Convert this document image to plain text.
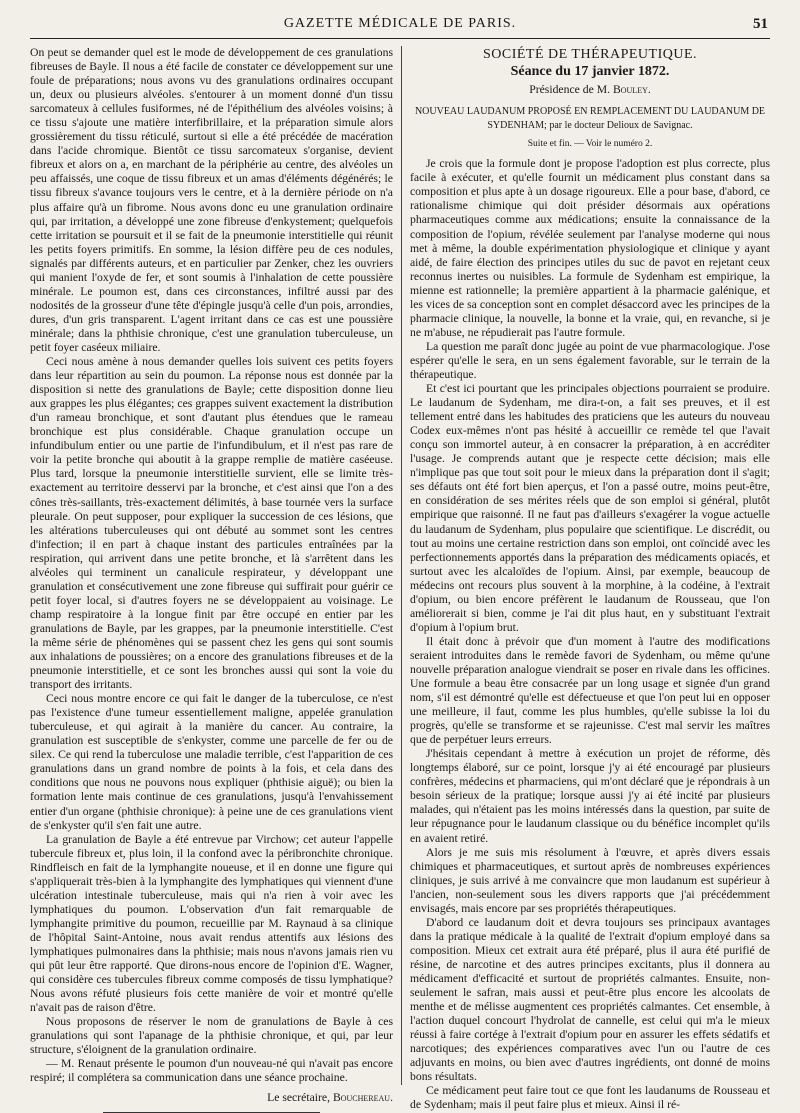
GAZETTE MÉDICALE DE PARIS.	51

On peut se demander quel est le mode de développement de ces granulations fibreuses de Bayle. Il nous a été facile de constater ce développement sur une foule de préparations; nous avons vu des granulations ordinaires occupant un, deux ou plusieurs alvéoles. s'entourer à un moment donné d'un tissu sarcomateux à cellules fusiformes, né de l'épithélium des alvéoles voisins; à ce tissu s'ajoute une matière interfibrillaire, et la préparation simule alors grossièrement du tissu réticulé, surtout si elle a été précédée de macération dans l'acide chromique. Bientôt ce tissu sarcomateux s'organise, devient fibreux et alors on a, en marchant de la périphérie au centre, des alvéoles un peu affaissés, une coque de tissu fibreux et un amas d'éléments dégénérés; le tissu fibreux s'avance toujours vers le centre, et à la dernière période on n'a plus affaire qu'à un fibrome. Nous avons donc eu une granulation ordinaire qui, par irritation, a développé une zone fibreuse d'enkystement; quelquefois cette irritation se poursuit et il se fait de la pneumonie interstitielle qui réunit les petits foyers primitifs. En somme, la lésion diffère peu de ces nodules, signalés par différents auteurs, et en particulier par Zenker, chez les ouvriers qui manient l'oxyde de fer, et sont soumis à l'inhalation de cette poussière minérale. Le poumon est, dans ces circonstances, infiltré aussi par des nodosités de la grosseur d'une tête d'épingle jusqu'à celle d'un pois, arrondies, dures, d'un gris transparent. L'agent irritant dans ce cas est une poussière minérale; dans la phthisie chronique, c'est une granulation tuberculeuse, un petit foyer caséeux miliaire.

Ceci nous amène à nous demander quelles lois suivent ces petits foyers dans leur répartition au sein du poumon. La réponse nous est donnée par la disposition si nette des granulations de Bayle; cette disposition donne lieu aux grappes les plus élégantes; ces grappes suivent exactement la distribution d'un rameau bronchique, et sont d'autant plus étendues que le rameau bronchique est plus considérable. Chaque granulation occupe un infundibulum entier ou une partie de l'infundibulum, et il n'est pas rare de voir la petite bronche qui aboutit à la grappe remplie de matière caséeuse. Plus tard, lorsque la pneumonie interstitielle survient, elle se limite très-exactement au territoire desservi par la bronche, et c'est ainsi que l'on a des cônes très-saillants, très-exactement délimités, à base tournée vers la surface pleurale. On peut supposer, pour expliquer la succession de ces lésions, que les altérations tuberculeuses qui ont débuté au sommet sont les centres d'infection; il en part à chaque instant des particules entraînées par la respiration, qui arrivent dans une petite bronche, et là s'arrêtent dans les alvéoles qui terminent un canalicule respirateur, y développant une granulation et consécutivement une zone fibreuse qui suffirait pour guérir ce petit foyer local, si d'autres foyers ne se développaient au voisinage. Le champ respiratoire à la longue finit par être occupé en entier par les granulations de Bayle, par les grappes, par la pneumonie interstitielle. C'est la même série de phénomènes qui se passent chez les gens qui sont soumis aux inhalations de poussières; on a encore des granulations fibreuses et de la pneumonie interstitielle, et ce sont les bronches aussi qui sont la voie du transport des irritants.

Ceci nous montre encore ce qui fait le danger de la tuberculose, ce n'est pas l'existence d'une tumeur essentiellement maligne, appelée granulation tuberculeuse, et qui agirait à la manière du cancer. Au contraire, la granulation est susceptible de s'enkyster, comme une parcelle de fer ou de silex. Ce qui rend la tuberculose une maladie terrible, c'est l'apparition de ces granulations dans un grand nombre de points à la fois, et cela dans des conditions que nous ne pouvons nous expliquer (phthisie aiguë); ou bien la formation lente mais continue de ces granulations, jusqu'à l'envahissement entier d'un organe (phthisie chronique): à peine une de ces granulations vient de s'enkyster qu'il s'en fait une autre.

La granulation de Bayle a été entrevue par Virchow; cet auteur l'appelle tubercule fibreux et, plus loin, il la confond avec la péribronchite chronique. Rindfleisch en fait de la lymphangite noueuse, et il en donne une figure qui s'appliquerait très-bien à la lymphangite des lymphatiques qui viennent d'une ulcération intestinale tuberculeuse, mais qui n'a rien à voir avec les lymphatiques du poumon. L'observation d'un fait remarquable de lymphangite primitive du poumon, recueillie par M. Raynaud à sa clinique de l'hôpital Saint-Antoine, nous avait rendus attentifs aux lésions des lymphatiques pulmonaires dans la phthisie; mais nous n'avons jamais rien vu qui pût leur être rapporté. Que dirons-nous encore de l'opinion d'E. Wagner, qui considère ces tubercules fibreux comme composés de tissu lymphatique? Nous avons réfuté plusieurs fois cette manière de voir et montré qu'elle n'avait pas de raison d'être.

Nous proposons de réserver le nom de granulations de Bayle à ces granulations qui sont l'apanage de la phthisie chronique, et qui, par leur structure, s'éloignent de la granulation ordinaire.

— M. Renaut présente le poumon d'un nouveau-né qui n'avait pas encore respiré; il complétera sa communication dans une séance prochaine.

Le secrétaire, Bouchereau.
SOCIÉTÉ DE THÉRAPEUTIQUE.
Séance du 17 janvier 1872.
Présidence de M. Bouley.
NOUVEAU LAUDANUM PROPOSÉ EN REMPLACEMENT DU LAUDANUM DE SYDENHAM; par le docteur Delioux de Savignac.
Suite et fin. — Voir le numéro 2.

Je crois que la formule dont je propose l'adoption est plus correcte, plus facile à exécuter, et qu'elle fournit un médicament plus constant dans sa composition et plus apte à un dosage rigoureux. Elle a pour base, d'abord, ce rationalisme chimique qui doit présider désormais aux opérations pharmaceutiques comme aux médications; ensuite la connaissance de la composition de l'opium, révélée seulement par l'analyse moderne qui nous met à même, la double expérimentation physiologique et clinique y ayant aidé, de faire élection des principes utiles du suc de pavot en rejetant ceux reconnus inertes ou nuisibles. La formule de Sydenham est empirique, la mienne est rationnelle; la première appartient à la pharmacie galénique, et les vices de sa conception sont en complet désaccord avec les principes de la pharmacie clinique, la nouvelle, la bonne et la vraie, qui, en revanche, si je ne m'abuse, ne répudierait pas l'autre formule.

La question me paraît donc jugée au point de vue pharmacologique. J'ose espérer qu'elle le sera, en un sens également favorable, sur le terrain de la thérapeutique.

Et c'est ici pourtant que les principales objections pourraient se produire. Le laudanum de Sydenham, me dira-t-on, a fait ses preuves, et il est tellement entré dans les habitudes des praticiens que les auteurs du nouveau Codex eux-mêmes n'ont pas hésité à accueillir ce remède tel que l'avait conçu son immortel auteur, à en consacrer la préparation, à en accréditer l'usage. Je comprends autant que je respecte cette décision; mais elle n'implique pas que tout soit pour le mieux dans la préparation dont il s'agit; ses défauts ont été fort bien aperçus, et l'on a passé outre, moins peut-être, en considération de ses mérites réels que de son emploi si général, plutôt empirique que raisonné. Il ne faut pas d'ailleurs s'exagérer la vogue actuelle du laudanum de Sydenham, plus populaire que scientifique. Le discrédit, ou tout au moins une certaine restriction dans son emploi, ont coïncidé avec les perfectionnements apportés dans la préparation des médicaments opiacés, et surtout avec les alcaloïdes de l'opium. Ainsi, par exemple, beaucoup de médecins ont recours plus souvent à la morphine, à la codéine, à l'extrait d'opium, ou bien encore préfèrent le laudanum de Rousseau, que l'on améliorerait si bien, comme je l'ai dit plus haut, en y substituant l'extrait d'opium à l'opium brut.

Il était donc à prévoir que d'un moment à l'autre des modifications seraient introduites dans le remède favori de Sydenham, ou même qu'une nouvelle préparation analogue viendrait se poser en rivale dans les officines. Une formule a beau être consacrée par un long usage et signée d'un grand nom, s'il est démontré qu'elle est défectueuse et que l'on peut lui en opposer une meilleure, il faut, comme les plus humbles, qu'elle subisse la loi du progrès, qu'elle se transforme et se rajeunisse. C'est mal servir les maîtres que de perpétuer leurs erreurs.

J'hésitais cependant à mettre à exécution un projet de réforme, dès longtemps élaboré, sur ce point, lorsque j'y ai été encouragé par plusieurs confrères, médecins et pharmaciens, qui m'ont déclaré que je répondrais à un besoin sérieux de la pratique; lorsque aussi j'y ai été incité par plusieurs malades, qui n'étaient pas les moins intéressés dans la question, par suite de leur répugnance pour le laudanum classique ou du bénéfice incomplet qu'ils en avaient retiré.

Alors je me suis mis résolument à l'œuvre, et après divers essais chimiques et pharmaceutiques, et surtout après de nombreuses expériences cliniques, je suis arrivé à me convaincre que mon laudanum est supérieur à l'ancien, non-seulement sous les divers rapports que j'ai précédemment envisagés, mais encore par ses propriétés thérapeutiques.

D'abord ce laudanum doit et devra toujours ses principaux avantages dans la pratique médicale à la qualité de l'extrait d'opium employé dans sa composition. Mieux cet extrait aura été préparé, plus il aura été purifié de résine, de narcotine et des autres principes excitants, plus il donnera au médicament d'efficacité et surtout de propriétés calmantes. Ensuite, non-seulement le safran, mais aussi et peut-être plus encore les alcoolats de menthe et de mélisse augmentent ces propriétés calmantes. Cet ensemble, à l'action duquel concourt l'hydrolat de cannelle, est celui qui m'a le mieux réussi à faire cortége à l'extrait d'opium pour en assurer les effets sédatifs et narcotiques; des expériences comparatives avec l'un ou l'autre de ces adjuvants en moins, ou bien avec d'autres ingrédients, ont donné de moins bons résultats.

Ce médicament peut faire tout ce que font les laudanums de Rousseau et de Sydenham; mais il peut faire plus et mieux. Ainsi il ré-
